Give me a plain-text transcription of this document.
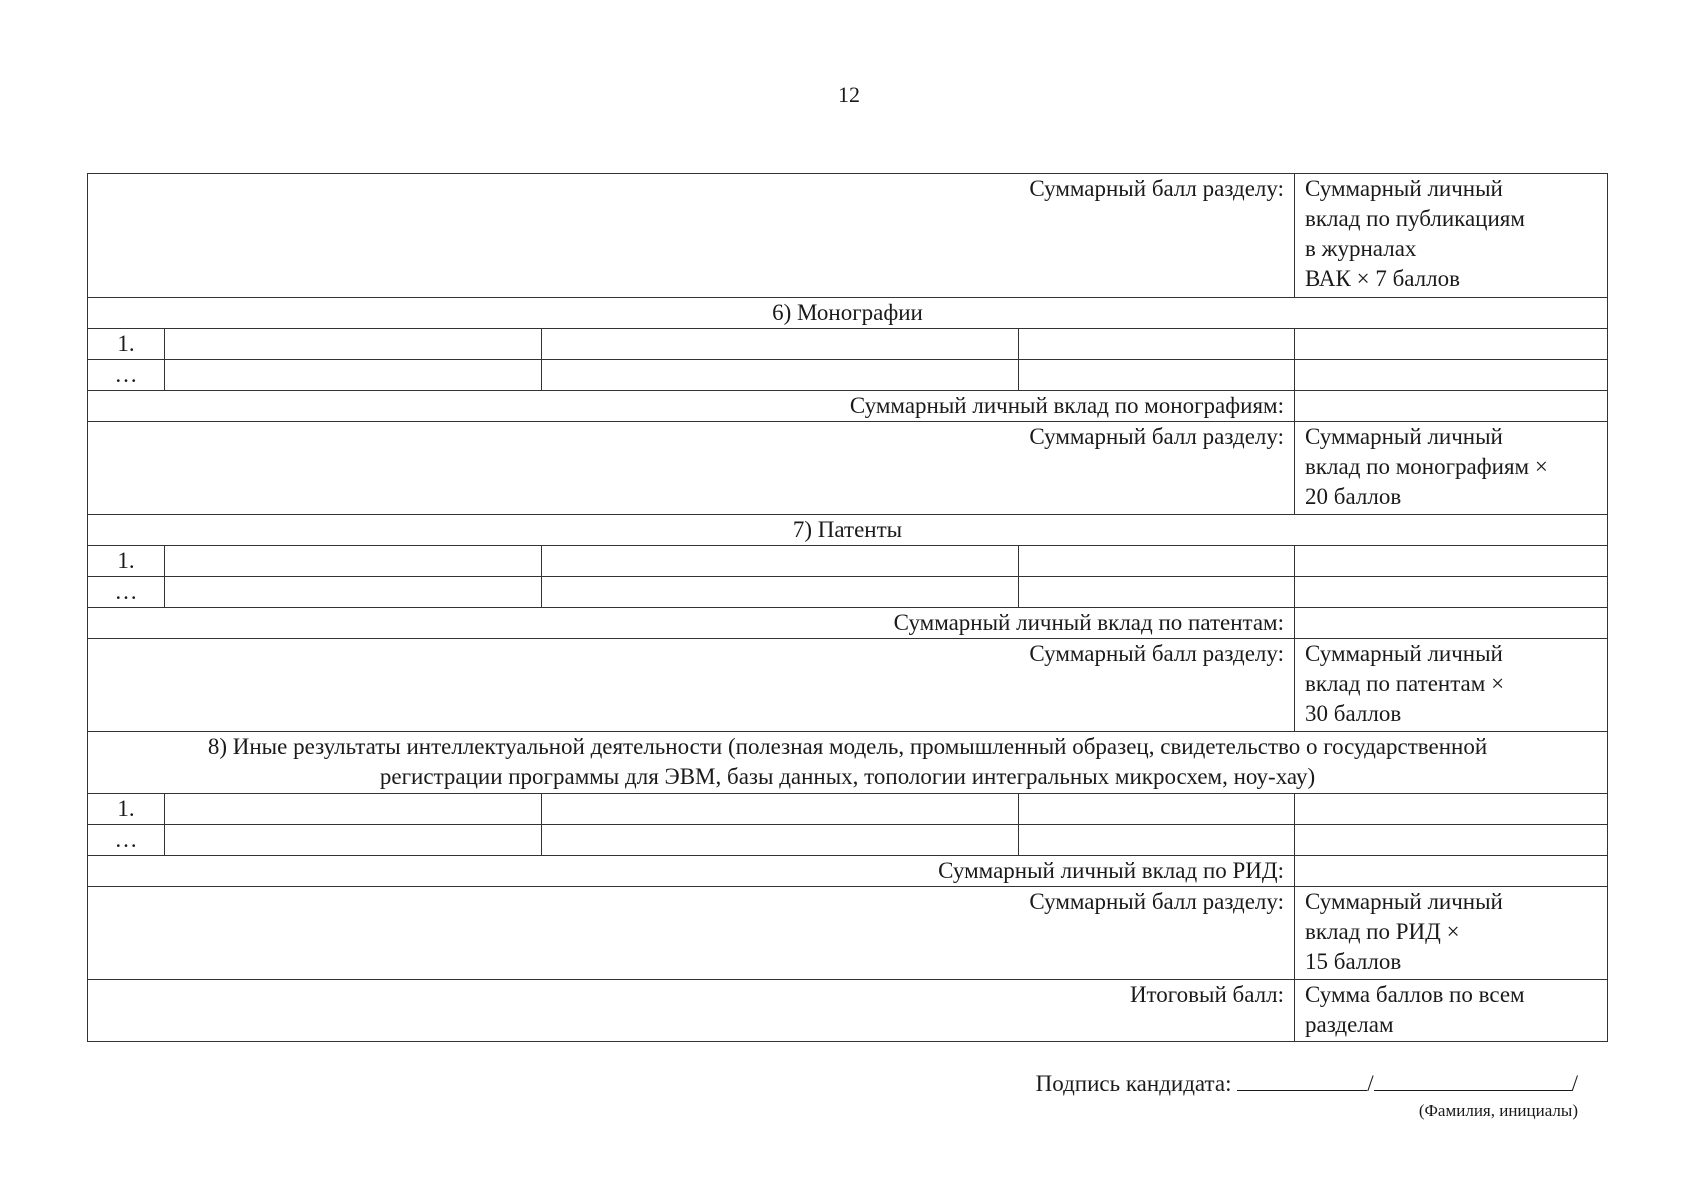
12
Суммарный балл разделу:				Суммарный личный
вклад по публикациям
в журналах
ВАК × 7 баллов
6) Монографии				
1.				
…				
Суммарный личный вклад по монографиям:				
Суммарный балл разделу:				Суммарный личный
вклад по монографиям ×
20 баллов
7) Патенты				
1.				
…				
Суммарный личный вклад по патентам:				
Суммарный балл разделу:				Суммарный личный
вклад по патентам ×
30 баллов
8) Иные результаты интеллектуальной деятельности (полезная модель, промышленный образец, свидетельство о государственной
регистрации программы для ЭВМ, базы данных, топологии интегральных микросхем, ноу-хау)				
1.				
…				
Суммарный личный вклад по РИД:				
Суммарный балл разделу:				Суммарный личный
вклад по РИД ×
15 баллов
Итоговый балл:				Сумма баллов по всем
разделам
Подпись кандидата:	/	/
(Фамилия, инициалы)
